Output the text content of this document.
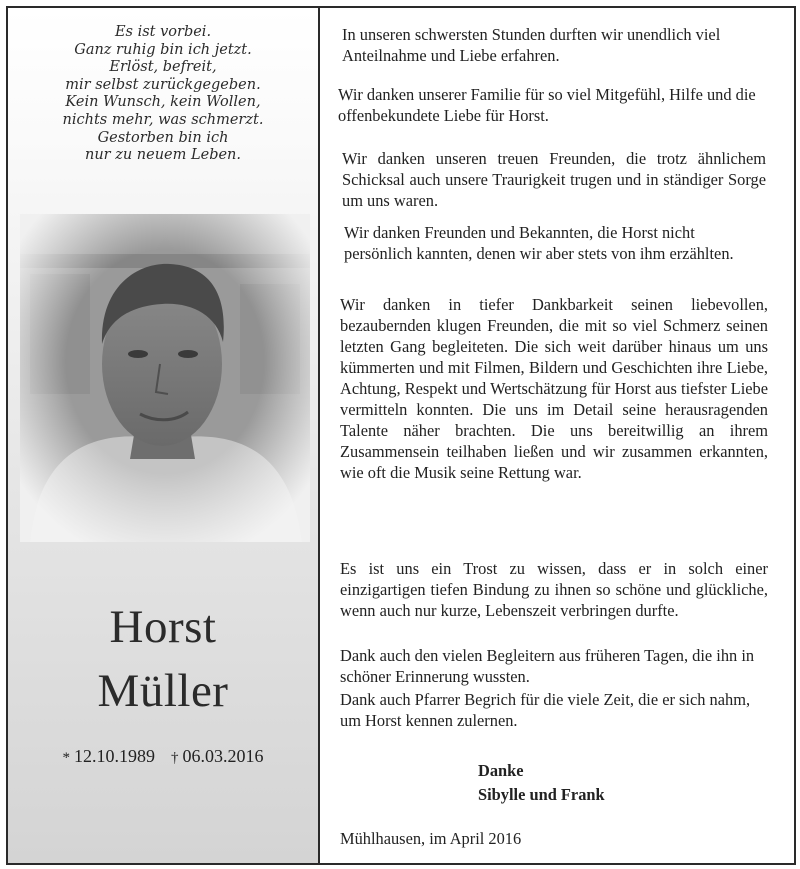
Es ist vorbei.
Ganz ruhig bin ich jetzt.
Erlöst, befreit,
mir selbst zurückgegeben.
Kein Wunsch, kein Wollen,
nichts mehr, was schmerzt.
Gestorben bin ich
nur zu neuem Leben.
Horst
Müller
* 12.10.1989 † 06.03.2016

In unseren schwersten Stunden durften wir unendlich viel Anteilnahme und Liebe erfahren.

Wir danken unserer Familie für so viel Mitgefühl, Hilfe und die offenbekundete Liebe für Horst.

Wir danken unseren treuen Freunden, die trotz ähnlichem Schicksal auch unsere Traurigkeit trugen und in ständiger Sorge um uns waren.

Wir danken Freunden und Bekannten, die Horst nicht persönlich kannten, denen wir aber stets von ihm erzählten.

Wir danken in tiefer Dankbarkeit seinen liebevollen, bezaubernden klugen Freunden, die mit so viel Schmerz seinen letzten Gang begleiteten. Die sich weit darüber hinaus um uns kümmerten und mit Filmen, Bildern und Geschichten ihre Liebe, Achtung, Respekt und Wertschätzung für Horst aus tiefster Liebe vermitteln konnten. Die uns im Detail seine herausragenden Talente näher brachten. Die uns bereitwillig an ihrem Zusammensein teilhaben ließen und wir zusammen erkannten, wie oft die Musik seine Rettung war.

Es ist uns ein Trost zu wissen, dass er in solch einer einzigartigen tiefen Bindung zu ihnen so schöne und glückliche, wenn auch nur kurze, Lebenszeit verbringen durfte.

Dank auch den vielen Begleitern aus früheren Tagen, die ihn in schöner Erinnerung wussten.

Dank auch Pfarrer Begrich für die viele Zeit, die er sich nahm, um Horst kennen zulernen.

Danke
Sibylle und Frank
Mühlhausen, im April 2016
